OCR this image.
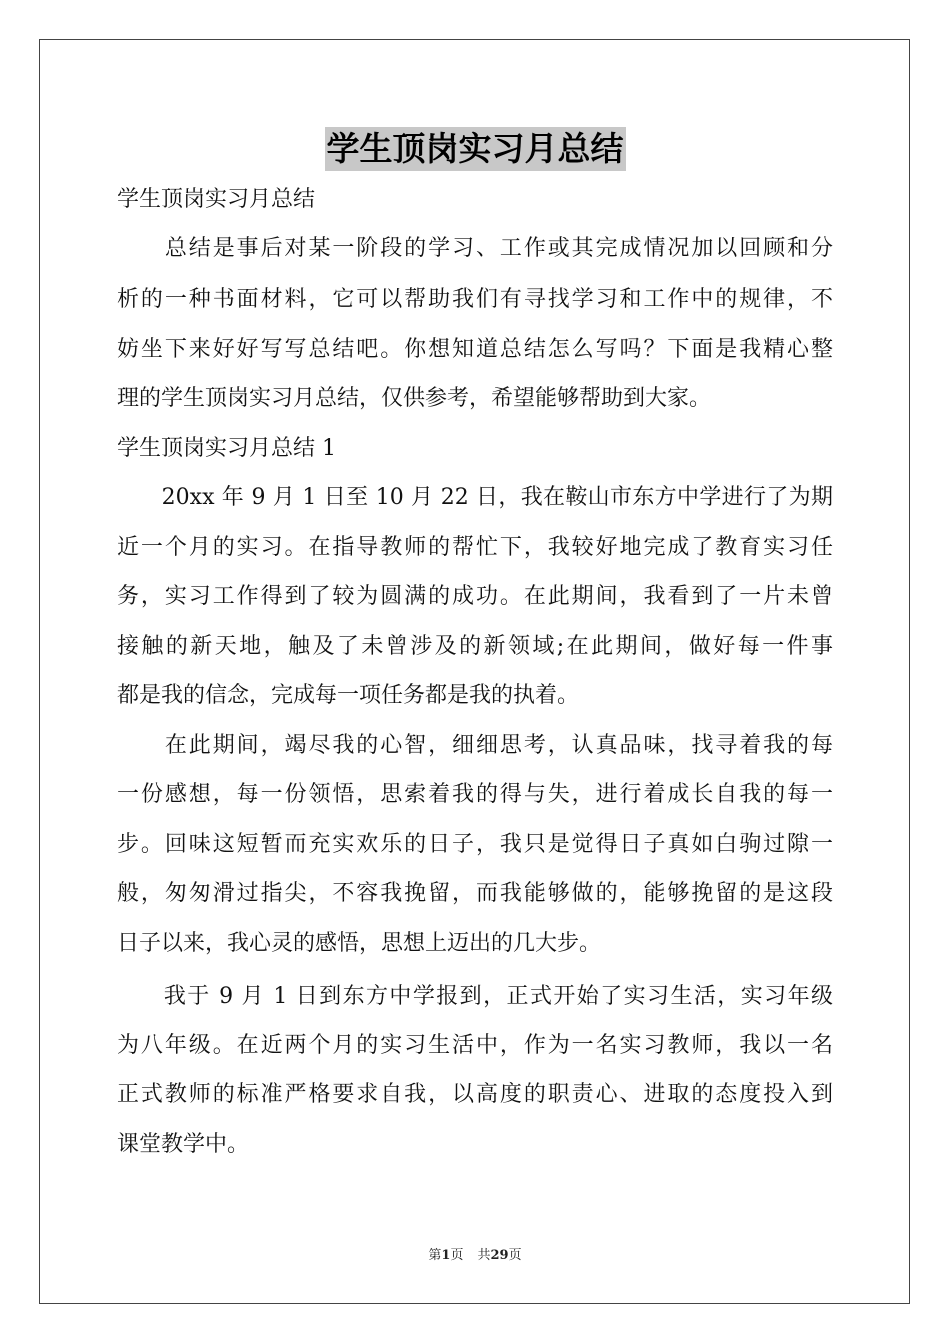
学生顶岗实习月总结
学生顶岗实习月总结
　　总结是事后对某一阶段的学习、工作或其完成情况加以回顾和分
析的一种书面材料，它可以帮助我们有寻找学习和工作中的规律，不
妨坐下来好好写写总结吧。你想知道总结怎么写吗？下面是我精心整
理的学生顶岗实习月总结，仅供参考，希望能够帮助到大家。
学生顶岗实习月总结 1
　　20xx 年 9 月 1 日至 10 月 22 日，我在鞍山市东方中学进行了为期
近一个月的实习。在指导教师的帮忙下，我较好地完成了教育实习任
务，实习工作得到了较为圆满的成功。在此期间，我看到了一片未曾
接触的新天地，触及了未曾涉及的新领域;在此期间，做好每一件事
都是我的信念，完成每一项任务都是我的执着。
　　在此期间，竭尽我的心智，细细思考，认真品味，找寻着我的每
一份感想，每一份领悟，思索着我的得与失，进行着成长自我的每一
步。回味这短暂而充实欢乐的日子，我只是觉得日子真如白驹过隙一
般，匆匆滑过指尖，不容我挽留，而我能够做的，能够挽留的是这段
日子以来，我心灵的感悟，思想上迈出的几大步。
　　我于 9 月 1 日到东方中学报到，正式开始了实习生活，实习年级
为八年级。在近两个月的实习生活中，作为一名实习教师，我以一名
正式教师的标准严格要求自我，以高度的职责心、进取的态度投入到
课堂教学中。
第1页 共29页
